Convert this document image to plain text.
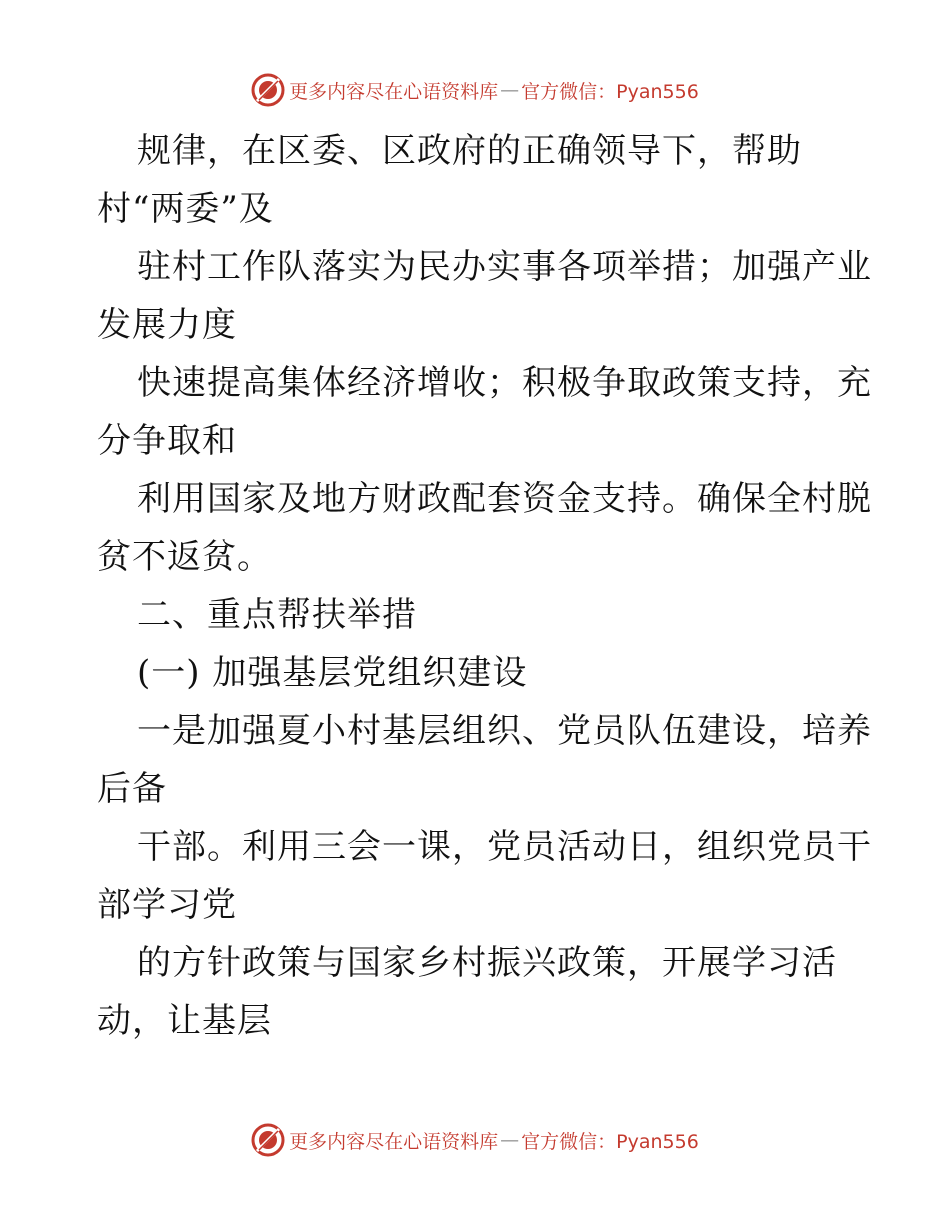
更多内容尽在心语资料库 — 官方微信：Pyan556
规律，在区委、区政府的正确领导下，帮助
村“两委”及
驻村工作队落实为民办实事各项举措；加强产业
发展力度
快速提高集体经济增收；积极争取政策支持，充
分争取和
利用国家及地方财政配套资金支持。确保全村脱
贫不返贫。
二、重点帮扶举措
(一) 加强基层党组织建设
一是加强夏小村基层组织、党员队伍建设，培养
后备
干部。利用三会一课，党员活动日，组织党员干
部学习党
的方针政策与国家乡村振兴政策，开展学习活
动，让基层
更多内容尽在心语资料库 — 官方微信：Pyan556
